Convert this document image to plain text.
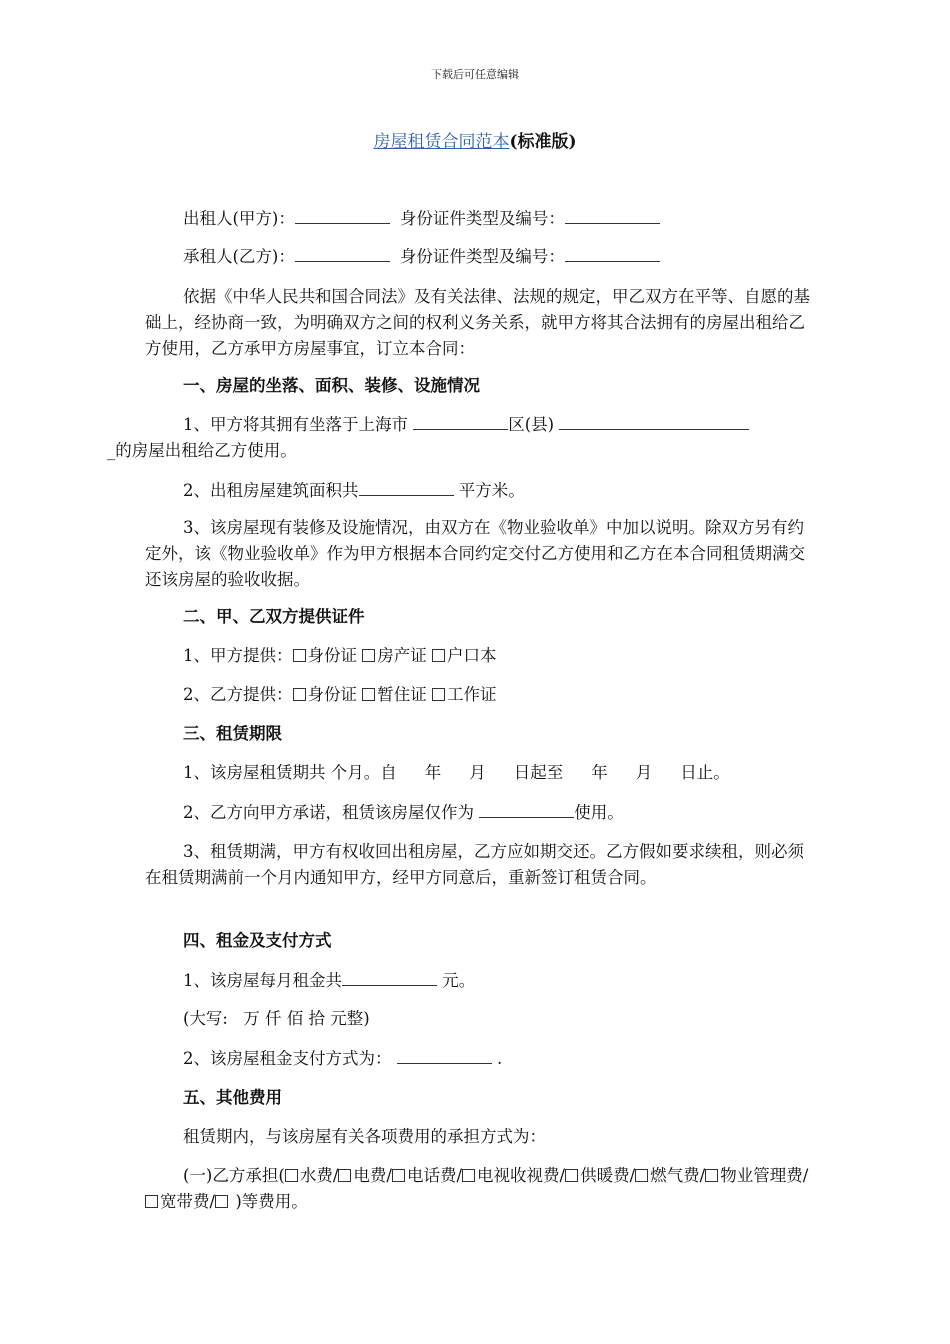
下载后可任意编辑
房屋租赁合同范本(标准版)

出租人(甲方)：	身份证件类型及编号：

承租人(乙方)：	身份证件类型及编号：

依据《中华人民共和国合同法》及有关法律、法规的规定，甲乙双方在平等、自愿的基础上，经协商一致，为明确双方之间的权利义务关系，就甲方将其合法拥有的房屋出租给乙方使用，乙方承甲方房屋事宜，订立本合同：

一、房屋的坐落、面积、装修、设施情况

1、甲方将其拥有坐落于上海市	区(县)
_的房屋出租给乙方使用。

2、出租房屋建筑面积共	平方米。

3、该房屋现有装修及设施情况，由双方在《物业验收单》中加以说明。除双方另有约定外，该《物业验收单》作为甲方根据本合同约定交付乙方使用和乙方在本合同租赁期满交还该房屋的验收收据。

二、甲、乙双方提供证件

1、甲方提供： 身份证 房产证 户口本

2、乙方提供： 身份证 暂住证 工作证

三、租赁期限

1、该房屋租赁期共 个月。自 年 月 日起至 年 月 日止。

2、乙方向甲方承诺，租赁该房屋仅作为	使用。

3、租赁期满，甲方有权收回出租房屋，乙方应如期交还。乙方假如要求续租，则必须在租赁期满前一个月内通知甲方，经甲方同意后，重新签订租赁合同。

四、租金及支付方式

1、该房屋每月租金共	元。

(大写: 万 仟 佰 拾 元整)

2、该房屋租金支付方式为：	.

五、其他费用

租赁期内，与该房屋有关各项费用的承担方式为：

(一)乙方承担( 水费/ 电费/ 电话费/ 电视收视费/ 供暖费/ 燃气费/ 物业管理费/宽带费/ )等费用。
